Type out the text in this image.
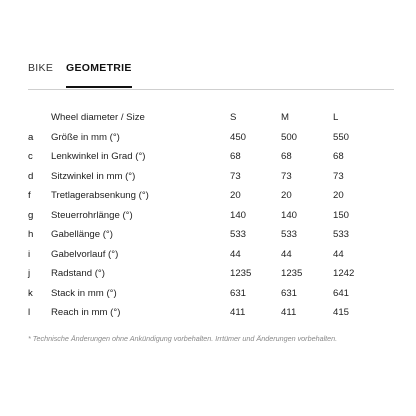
BIKE	GEOMETRIE
	Wheel diameter / Size	S	M	L
a	Größe in mm (°)	450	500	550
c	Lenkwinkel in Grad (°)	68	68	68
d	Sitzwinkel in mm (°)	73	73	73
f	Tretlagerabsenkung (°)	20	20	20
g	Steuerrohrlänge (°)	140	140	150
h	Gabellänge (°)	533	533	533
i	Gabelvorlauf (°)	44	44	44
j	Radstand (°)	1235	1235	1242
k	Stack in mm (°)	631	631	641
l	Reach in mm (°)	411	411	415
* Technische Änderungen ohne Ankündigung vorbehalten. Irrtümer und Änderungen vorbehalten.
